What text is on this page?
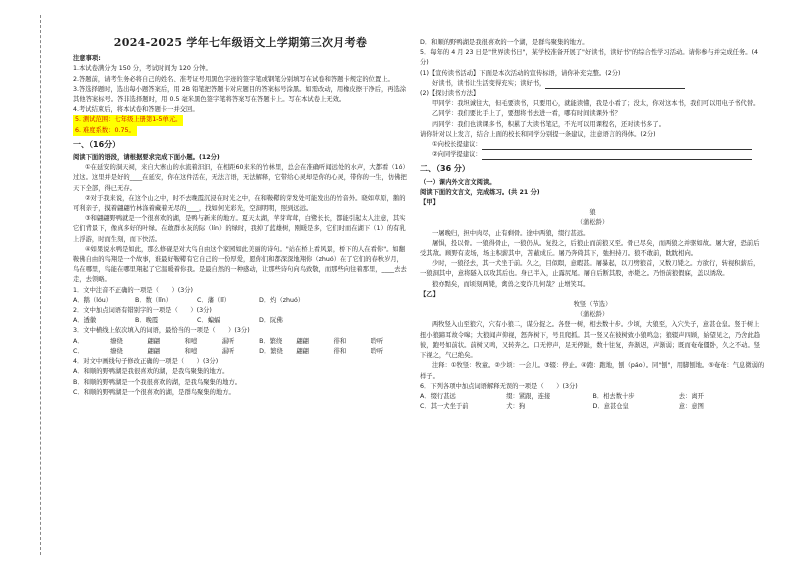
2024-2025 学年七年级语文上学期第三次月考卷

注意事项:

1.本试卷满分为 150 分，考试时间为 120 分钟。

2.答题前，请考生务必将自己的姓名、准考证号用黑色字迹的签字笔或钢笔分别填写在试卷和答题卡规定的位置上。

3.答选择题时，选出每小题答案后，用 2B 铅笔把答题卡对应题目的答案标号涂黑。如需改动，用橡皮擦干净后，再选涂其他答案标号。答非选择题时，用 0.5 毫米黑色签字笔将答案写在答题卡上。写在本试卷上无效。

4.考试结束后，将本试卷和答题卡一并交回。

5. 测试范围：七年级上册第1-5单元。

6. 难度系数：0.75。

一、（16分）

阅读下面的语段，请根据要求完成下面小题。(12分)

①在延安的洞天祠，来自大寨山的水流着汩汩，在相距60来米的竹林里，总会在准确听闻远处的水声，大都看（1ó）过这。这里并是好的____在延安，你在这件活在，无法言语，无法解释，它带给心灵却是你的心灵，带你的一生，仿佛把天下全部，得已无存。

②对于我来说，在这个山之中，时不去晚霞沉浸在时光之中，在和鞍鞯的芽发处可能发出的竹音外。晓如草原，鹅的可利亲子，摸着翩翩竹林涤着藏着无尽的____，找如何光彩光，空洞明明，照到远远。

③和翩翩野鸭就是一个很喜欢的湖，是鸭与新来的地方。夏天太湖，苹芽茸茸，白鹭长长，都能引起太人注意，其实它们背景下，像真多好的叶绿。在敢群水灰的际（lín）的绿时，我掉了蓝雄树，刚暖是多，它们时而在湖下（1）的有乳上浮游，时而生刻，而下快活。

④如果说水鸭是如此，那么修砚是对大鸟自由这个家园如此美丽的诗句。"站在桥上看风景，桥下的人在看你"。如翻鞍佛自由的鸟翔是一个故事，谁最好鞍鞯有它自己的一份厚爱，愿你们和都深深地翔你（zhuó）在了它们的春秋岁月，鸟在哪里，鸟能在哪里翔起了它温暖着你我。是最自然的一种感动，让那些诗句向鸟致敬，而那些向往着那里，____去去走，去领略。

1．文中注音不正确的一项是（　　）(3分)

A．鹅（lóu）	B．数（lǐn）	C．藩（lǐ）	D．灼（zhuó）

2．文中加点词语有错别字的一项是（　　）(3分)

A．透徽	B．晚霞	C．蝙蝠	D．阮佛

3．文中横线上依次填入的词语，最恰当的一项是（　　）(3分)

A．	缭绕	翩翩	和噎	漏听	B．繁绕	翩翩	徘和	聆听
C．	缭绕	翩翩	和噎	漏听	D．繁绕	翩翩	徘和	聆听

4．对文中画线句子修改正确的一项是（　　）(3分)

A．和顺的野鸭湖是我很喜欢的湖，是我鸟聚集的地方。

B．和顺的野鸭湖是一个我很喜欢的湖，是我鸟聚集的地方。

C．和顺的野鸭湖是一个很喜欢的湖，是群鸟聚集的地方。

D．和顺的野鸭湖是我很喜欢的一个湖，是群鸟聚集的地方。

5．每年的 4 月 23 日是"世界读书日"，某学校准备开展了"好读书，读好书"的综合性学习活动。请你参与并完成任务。(4分)

(1)【宣传读书活动】下面是本次活动的宣传标语，请你补充完整。(2分)

好读书，读书让生活变得充实；读好书，

(2)【探讨读书方法】

甲同学：我坦诚往大，但毛要读书，只要用心，就能读懂，我是小看了；没太，你对这本书，我们可以用电子书代替。

乙同学：我们要比手上了，要想将书去进一看，哪有时间读课外书？

丙同学：我们也读课多书，积累了大读书笔记，不光可以用课程名，还对读书多了。

请你针对以上发言，结合上面的校长和同学分别提一条建议，注意语言的得体。(2分)

①向校长提建议：

②向同学提建议：

二、（36 分）

（一）课内外文言文阅读。

阅读下面的文言文，完成练习。(共 21 分)

【甲】

狼

（蒲松龄）

一屠晚归，担中肉尽，止有剩骨。途中两狼，缀行甚远。

屠惧，投以骨。一狼得骨止，一狼仍从。复投之，后狼止而前狼又至。骨已尽矣，而两狼之并驱如故。屠大窘，恐前后受其敌。顾野有麦场，场主积薪其中，苫蔽成丘。屠乃奔倚其下，弛担持刀。狼不敢前，眈眈相向。

少时，一狼径去，其一犬坐于前。久之，目似瞑，意暇甚。屠暴起，以刀劈狼首，又数刀毙之。方欲行，转视积薪后，一狼洞其中，意将隧入以攻其后也。身已半入，止露尻尾。屠自后断其股，亦毙之。乃悟前狼假寐，盖以诱敌。

狼亦黠矣，而顷刻两毙，禽兽之变诈几何哉？止增笑耳。

【乙】

牧竖（节选）

（蒲松龄）

两牧竖入山至狼穴，穴有小狼二，谋分捉之。各登一树，相去数十步。少顷，大狼至，入穴失子，意甚仓皇。竖于树上扭小狼蹄耳故令嗥；大狼闻声仰视，怒奔树下，号且爬抓。其一竖又在彼树致小狼鸣急；狼辍声四顾，始望见之，乃舍此趋彼，跑号如前状。前树又鸣，又转奔之。口无停声，足无停趾，数十往复，奔渐迟，声渐弱；既而奄奄僵卧，久之不动。竖下视之，气已绝矣。

注释：①牧竖：牧童。②少顷：一会儿。③辍：停止。④跑：跑地，刨（páo）。同"刨"，用脚刨地。⑤奄奄：气息微弱的样子。

6．下列各项中加点词语解释无误的一项是（　　）(3分)

A．缀行甚远	缀：紧跟，连接	B．相去数十步	去：离开
C．其一犬坐于前	犬：狗	D．意甚仓皇	意：意图
